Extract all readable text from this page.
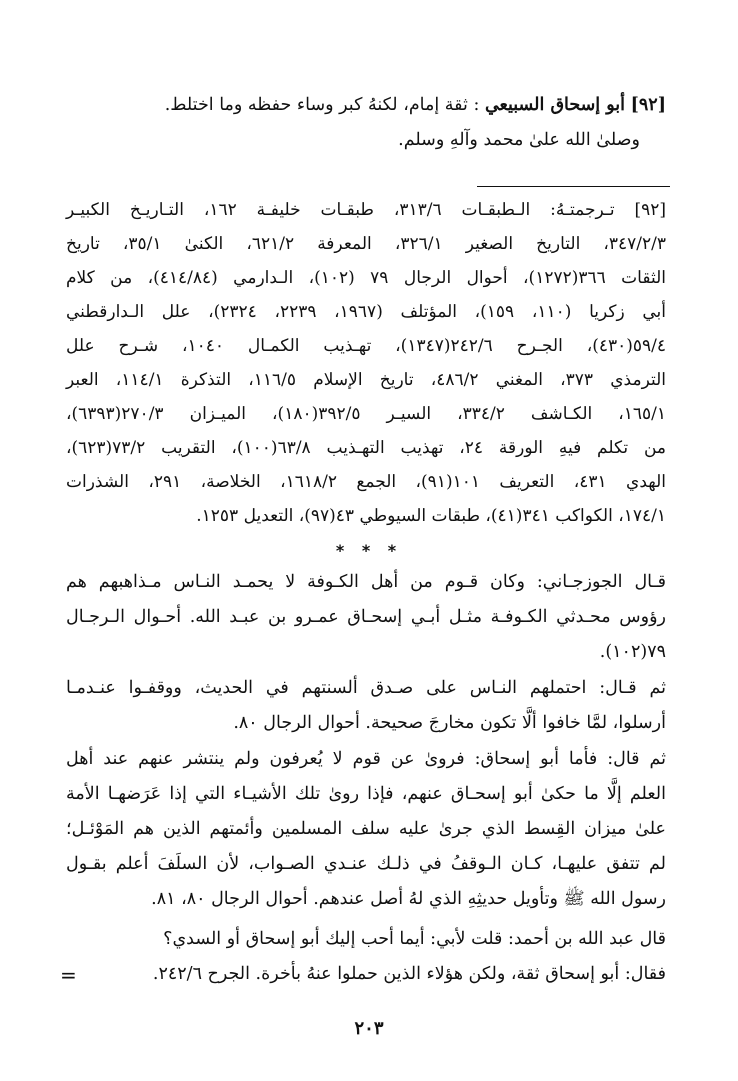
[٩٢] أبو إسحاق السبيعي : ثقة إمام، لكنهُ كبر وساء حفظه وما اختلط.
وصلىٰ الله علىٰ محمد وآلهِ وسلم.
[٩٢] تـرجمتـهُ: الـطبقـات ٣١٣/٦، طبقـات خليفـة ١٦٢، التـاريـخ الكبيـر
٣٤٧/٢/٣، التاريخ الصغير ٣٢٦/١، المعرفة ٦٢١/٢، الكنىٰ ٣٥/١، تاريخ
الثقات ٣٦٦(١٢٧٢)، أحوال الرجال ٧٩ (١٠٢)، الـدارمي (٤١٤/٨٤)، من كلام
أبي زكريا (١١٠، ١٥٩)، المؤتلف (١٩٦٧، ٢٢٣٩، ٢٣٢٤)، علل الـدارقطني
٥٩/٤(٤٣٠)، الجـرح ٢٤٢/٦(١٣٤٧)، تهـذيب الكمـال ١٠٤٠، شـرح علل
الترمذي ٣٧٣، المغني ٤٨٦/٢، تاريخ الإسلام ١١٦/٥، التذكرة ١١٤/١، العبر
١٦٥/١، الكـاشف ٣٣٤/٢، السيـر ٣٩٢/٥(١٨٠)، الميـزان ٢٧٠/٣(٦٣٩٣)،
من تكلم فيهِ الورقة ٢٤، تهذيب التهـذيب ٦٣/٨(١٠٠)، التقريب ٧٣/٢(٦٢٣)،
الهدي ٤٣١، التعريف ١٠١(٩١)، الجمع ١٦١٨/٢، الخلاصة، ٢٩١، الشذرات
١٧٤/١، الكواكب ٣٤١(٤١)، طبقات السيوطي ٤٣(٩٧)، التعديل ١٢٥٣.
* * *
قـال الجوزجـاني: وكان قـوم من أهل الكـوفة لا يحمـد النـاس مـذاهبهم هم
رؤوس محـدثي الكـوفـة مثـل أبـي إسحـاق عمـرو بن عبـد الله. أحـوال الـرجـال
٧٩(١٠٢).
ثم قـال: احتملهم النـاس على صـدق ألسنتهم في الحديث، ووقفـوا عنـدمـا
أرسلوا، لمَّا خافوا ألَّا تكون مخارجَ صحيحة. أحوال الرجال ٨٠.
ثم قال: فأما أبو إسحاق: فروىٰ عن قوم لا يُعرفون ولم ينتشر عنهم عند أهل
العلم إلَّا ما حكىٰ أبو إسحـاق عنهم، فإذا روىٰ تلك الأشيـاء التي إذا عَرَضهـا الأمة
علىٰ ميزان القِسط الذي جرىٰ عليه سلف المسلمين وأئمتهم الذين هم المَوْئـل؛
لم تتفق عليهـا، كـان الـوقفُ في ذلـك عنـدي الصـواب، لأن السلَفَ أعلم بقـول
رسول الله ﷺ وتأويل حديثِهِ الذي لهُ أصل عندهم. أحوال الرجال ٨٠، ٨١.
قال عبد الله بن أحمد: قلت لأبي: أيما أحب إليك أبو إسحاق أو السدي؟
فقال: أبو إسحاق ثقة، ولكن هؤلاء الذين حملوا عنهُ بأخرة. الجرح ٢٤٢/٦.
=
٢٠٣
